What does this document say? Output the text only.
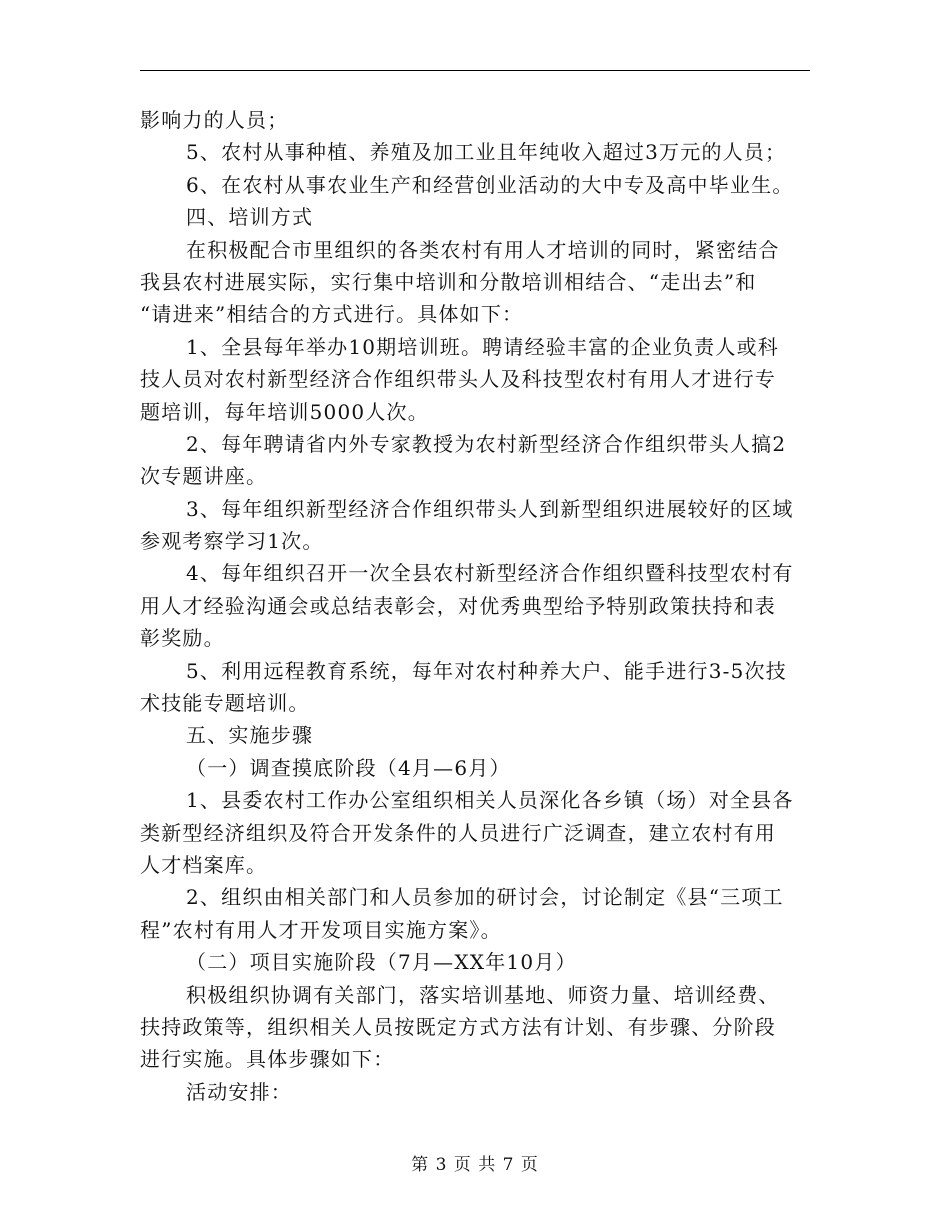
影响力的人员；
5、农村从事种植、养殖及加工业且年纯收入超过3万元的人员；
6、在农村从事农业生产和经营创业活动的大中专及高中毕业生。
四、培训方式
在积极配合市里组织的各类农村有用人才培训的同时，紧密结合
我县农村进展实际，实行集中培训和分散培训相结合、“走出去”和
“请进来”相结合的方式进行。具体如下：
1、全县每年举办10期培训班。聘请经验丰富的企业负责人或科
技人员对农村新型经济合作组织带头人及科技型农村有用人才进行专
题培训，每年培训5000人次。
2、每年聘请省内外专家教授为农村新型经济合作组织带头人搞2
次专题讲座。
3、每年组织新型经济合作组织带头人到新型组织进展较好的区域
参观考察学习1次。
4、每年组织召开一次全县农村新型经济合作组织暨科技型农村有
用人才经验沟通会或总结表彰会，对优秀典型给予特别政策扶持和表
彰奖励。
5、利用远程教育系统，每年对农村种养大户、能手进行3-5次技
术技能专题培训。
五、实施步骤
（一）调查摸底阶段（4月—6月）
1、县委农村工作办公室组织相关人员深化各乡镇（场）对全县各
类新型经济组织及符合开发条件的人员进行广泛调查，建立农村有用
人才档案库。
2、组织由相关部门和人员参加的研讨会，讨论制定《县“三项工
程”农村有用人才开发项目实施方案》。
（二）项目实施阶段（7月—XX年10月）
积极组织协调有关部门，落实培训基地、师资力量、培训经费、
扶持政策等，组织相关人员按既定方式方法有计划、有步骤、分阶段
进行实施。具体步骤如下：
活动安排：
第 3 页 共 7 页
